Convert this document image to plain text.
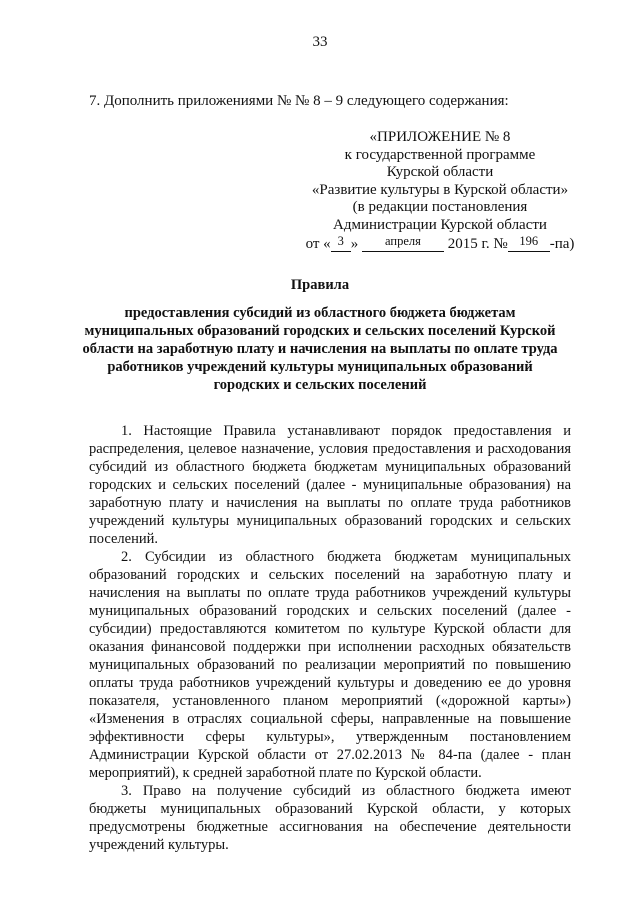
33
7. Дополнить приложениями № № 8 – 9 следующего содержания:
«ПРИЛОЖЕНИЕ № 8
к государственной программе
Курской области
«Развитие культуры в Курской области»
(в редакции постановления
Администрации Курской области
от « $^3$ » $^{апреля}$ 2015 г. № $^{196}$ -па)
Правила
предоставления субсидий из областного бюджета бюджетам
муниципальных образований городских и сельских поселений Курской
области на заработную плату и начисления на выплаты по оплате труда
работников учреждений культуры муниципальных образований
городских и сельских поселений

1. Настоящие Правила устанавливают порядок предоставления и распределения, целевое назначение, условия предоставления и расходования субсидий из областного бюджета бюджетам муниципальных образований городских и сельских поселений (далее - муниципальные образования) на заработную плату и начисления на выплаты по оплате труда работников учреждений культуры муниципальных образований городских и сельских поселений.

2. Субсидии из областного бюджета бюджетам муниципальных образований городских и сельских поселений на заработную плату и начисления на выплаты по оплате труда работников учреждений культуры муниципальных образований городских и сельских поселений (далее - субсидии) предоставляются комитетом по культуре Курской области для оказания финансовой поддержки при исполнении расходных обязательств муниципальных образований по реализации мероприятий по повышению оплаты труда работников учреждений культуры и доведению ее до уровня показателя, установленного планом мероприятий («дорожной карты») «Изменения в отраслях социальной сферы, направленные на повышение эффективности сферы культуры», утвержденным постановлением Администрации Курской области от 27.02.2013 № 84-па (далее - план мероприятий), к средней заработной плате по Курской области.

3. Право на получение субсидий из областного бюджета имеют бюджеты муниципальных образований Курской области, у которых предусмотрены бюджетные ассигнования на обеспечение деятельности учреждений культуры.
